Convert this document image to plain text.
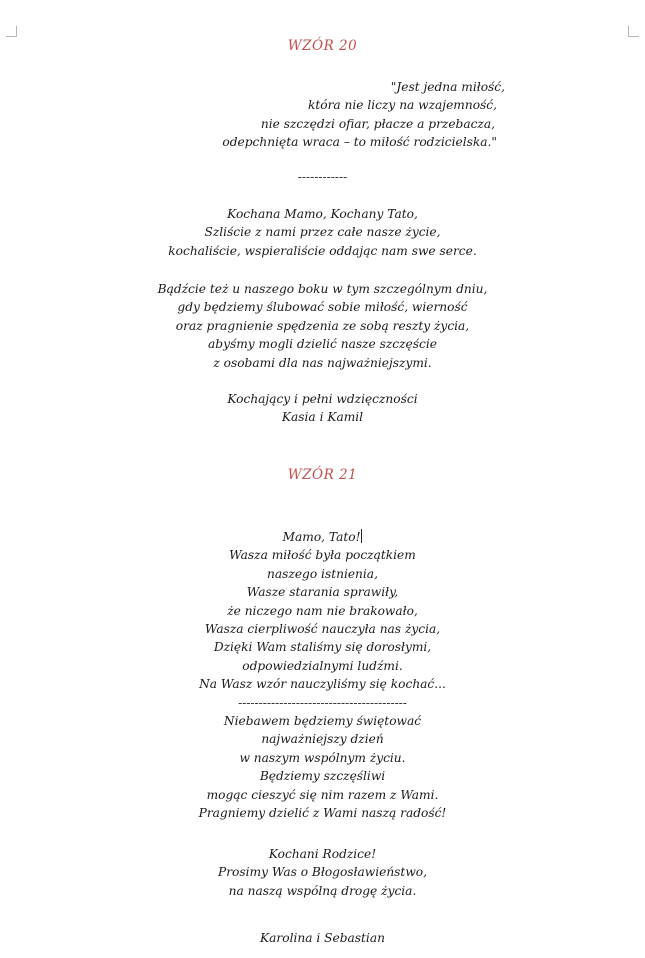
WZÓR 20
"Jest jedna miłość,
która nie liczy na wzajemność,
nie szczędzi ofiar, płacze a przebacza,
odepchnięta wraca – to miłość rodzicielska."
------------
Kochana Mamo, Kochany Tato,
Szliście z nami przez całe nasze życie,
kochaliście, wspieraliście oddając nam swe serce.
Bądźcie też u naszego boku w tym szczególnym dniu,
gdy będziemy ślubować sobie miłość, wierność
oraz pragnienie spędzenia ze sobą reszty życia,
abyśmy mogli dzielić nasze szczęście
z osobami dla nas najważniejszymi.
Kochający i pełni wdzięczności
Kasia i Kamil
WZÓR 21
Mamo, Tato!
Wasza miłość była początkiem
naszego istnienia,
Wasze starania sprawiły,
że niczego nam nie brakowało,
Wasza cierpliwość nauczyła nas życia,
Dzięki Wam staliśmy się dorosłymi,
odpowiedzialnymi ludźmi.
Na Wasz wzór nauczyliśmy się kochać...
-----------------------------------------
Niebawem będziemy świętować
najważniejszy dzień
w naszym wspólnym życiu.
Będziemy szczęśliwi
mogąc cieszyć się nim razem z Wami.
Pragniemy dzielić z Wami naszą radość!
Kochani Rodzice!
Prosimy Was o Błogosławieństwo,
na naszą wspólną drogę życia.
Karolina i Sebastian
